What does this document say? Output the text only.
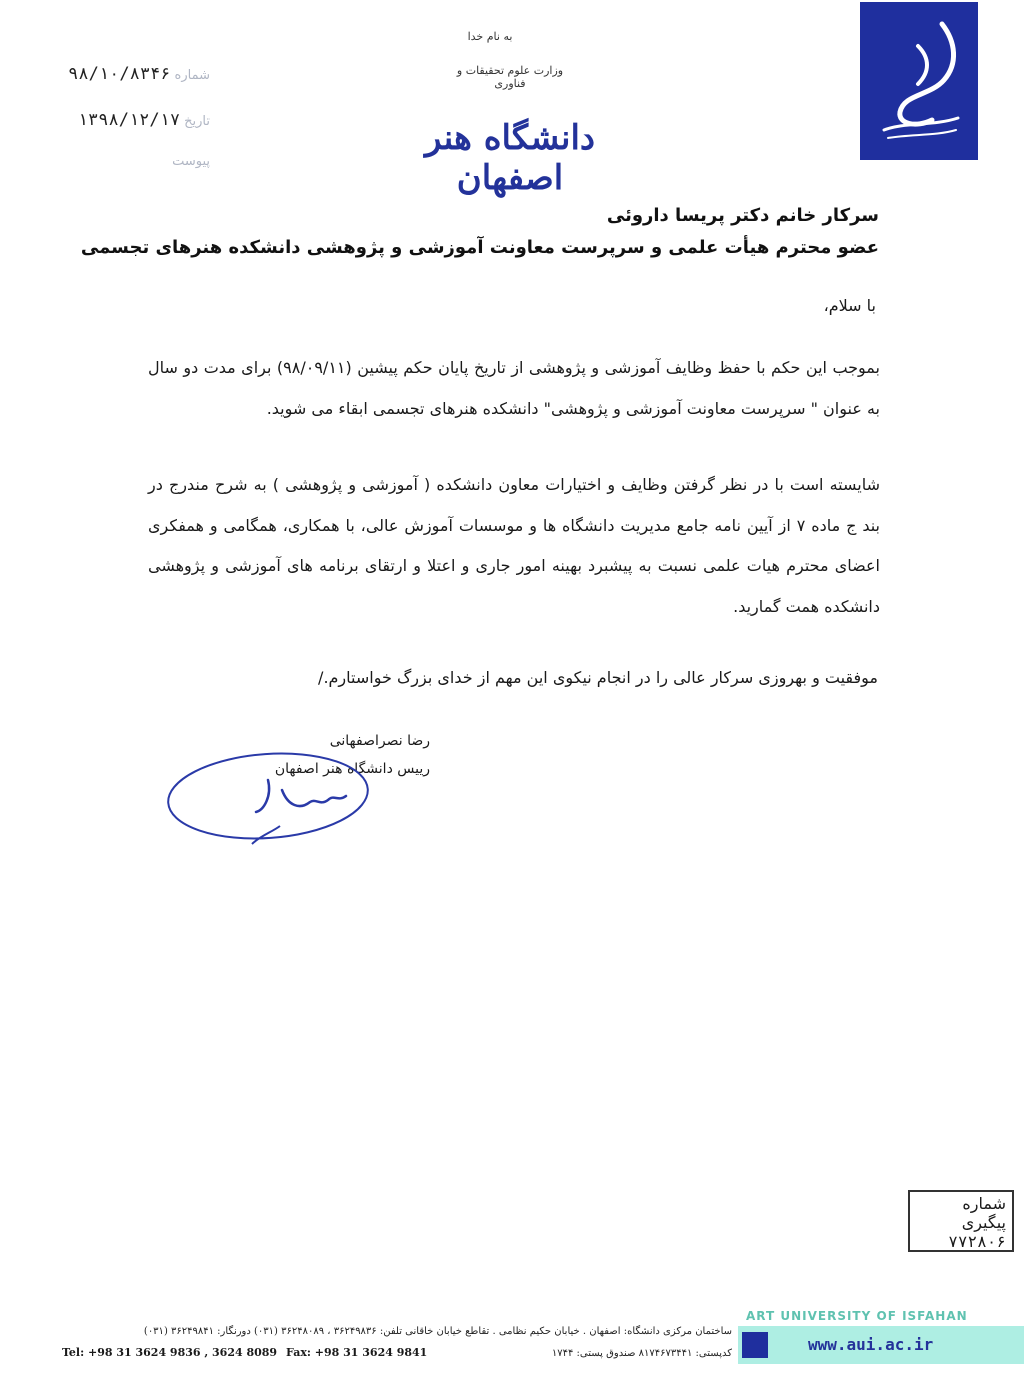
به نام خدا
وزارت علوم تحقیقات و فناوری
دانشگاه هنر اصفهان
شماره۹۸/۱۰/۸۳۴۶
تاریخ۱۳۹۸/۱۲/۱۷
پیوست
سرکار خانم دکتر پریسا داروئی
عضو محترم هیأت علمی و سرپرست معاونت آموزشی و پژوهشی دانشکده هنرهای تجسمی
با سلام،
بموجب این حکم با حفظ وظایف آموزشی و پژوهشی از تاریخ پایان حکم پیشین (۹۸/۰۹/۱۱) برای مدت دو سال به عنوان " سرپرست معاونت آموزشی و پژوهشی" دانشکده هنرهای تجسمی ابقاء می شوید.
شایسته است با در نظر گرفتن وظایف و اختیارات معاون دانشکده ( آموزشی و پژوهشی ) به شرح مندرج در بند ج ماده ۷ از آیین نامه جامع مدیریت دانشگاه ها و موسسات آموزش عالی، با همکاری، همگامی و همفکری اعضای محترم هیات علمی نسبت به پیشبرد بهینه امور جاری و اعتلا و ارتقای برنامه های آموزشی و پژوهشی دانشکده همت گمارید.
موفقیت و بهروزی سرکار عالی را در انجام نیکوی این مهم از خدای بزرگ خواستارم./
رضا نصراصفهانی
رییس دانشگاه هنر اصفهان
شماره پیگیری
۷۷۲۸۰۶
ART UNIVERSITY OF ISFAHAN
www.aui.ac.ir
ساختمان مرکزی دانشگاه: اصفهان . خیابان حکیم نظامی . تقاطع خیابان خاقانی تلفن: ۳۶۲۴۹۸۳۶ ، ۳۶۲۴۸۰۸۹ (۰۳۱) دورنگار: ۳۶۲۴۹۸۴۱ (۰۳۱)
کدپستی: ۸۱۷۴۶۷۳۴۴۱ صندوق پستی: ۱۷۴۴
Tel: +98 31 3624 9836 , 3624 8089 Fax: +98 31 3624 9841
